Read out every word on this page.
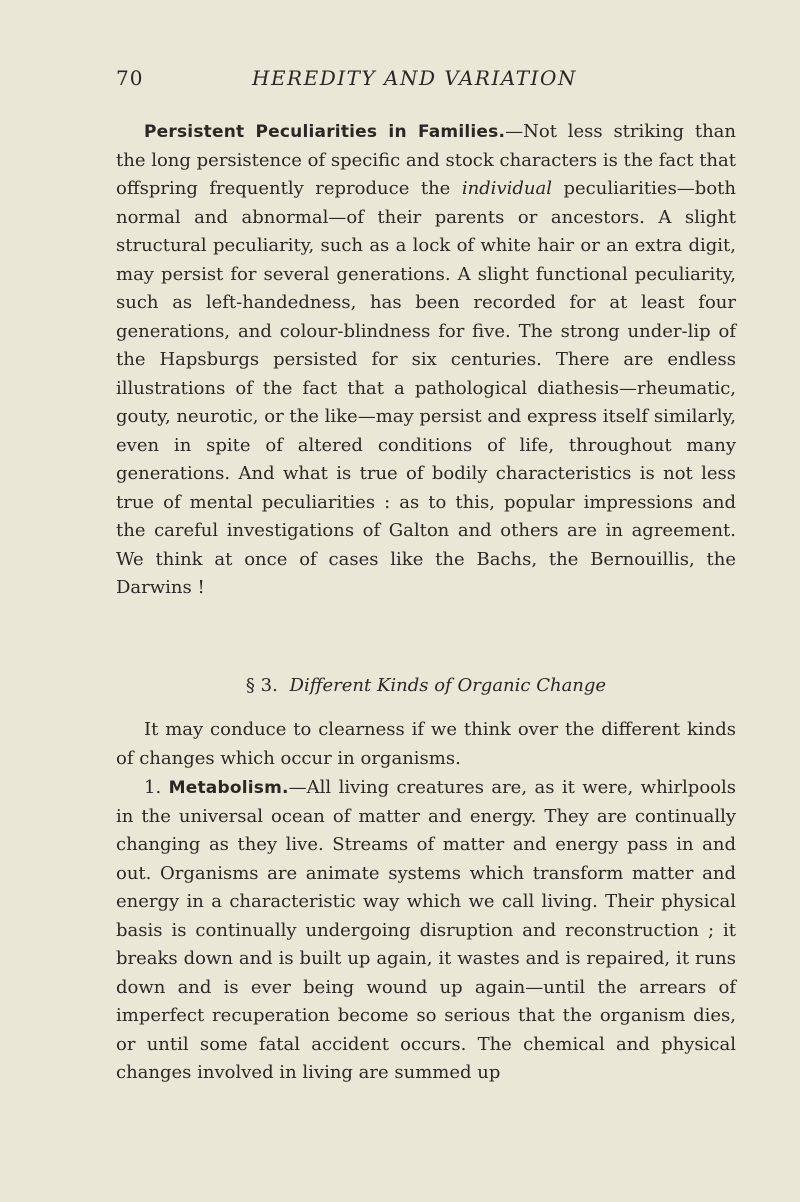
70	HEREDITY AND VARIATION

Persistent Peculiarities in Families.—Not less striking than the long persistence of specific and stock characters is the fact that offspring frequently reproduce the individual peculiarities—both normal and abnormal—of their parents or ancestors. A slight structural peculiarity, such as a lock of white hair or an extra digit, may persist for several generations. A slight functional peculiarity, such as left-handedness, has been recorded for at least four generations, and colour-blindness for five. The strong under-lip of the Hapsburgs persisted for six centuries. There are endless illustrations of the fact that a pathological diathesis—rheumatic, gouty, neurotic, or the like—may persist and express itself similarly, even in spite of altered conditions of life, throughout many generations. And what is true of bodily characteristics is not less true of mental peculiarities : as to this, popular impressions and the careful investigations of Galton and others are in agreement. We think at once of cases like the Bachs, the Bernouillis, the Darwins !

§ 3. Different Kinds of Organic Change

It may conduce to clearness if we think over the different kinds of changes which occur in organisms.

1. Metabolism.—All living creatures are, as it were, whirlpools in the universal ocean of matter and energy. They are continually changing as they live. Streams of matter and energy pass in and out. Organisms are animate systems which transform matter and energy in a characteristic way which we call living. Their physical basis is continually undergoing disruption and reconstruction ; it breaks down and is built up again, it wastes and is repaired, it runs down and is ever being wound up again—until the arrears of imperfect recuperation become so serious that the organism dies, or until some fatal accident occurs. The chemical and physical changes involved in living are summed up
